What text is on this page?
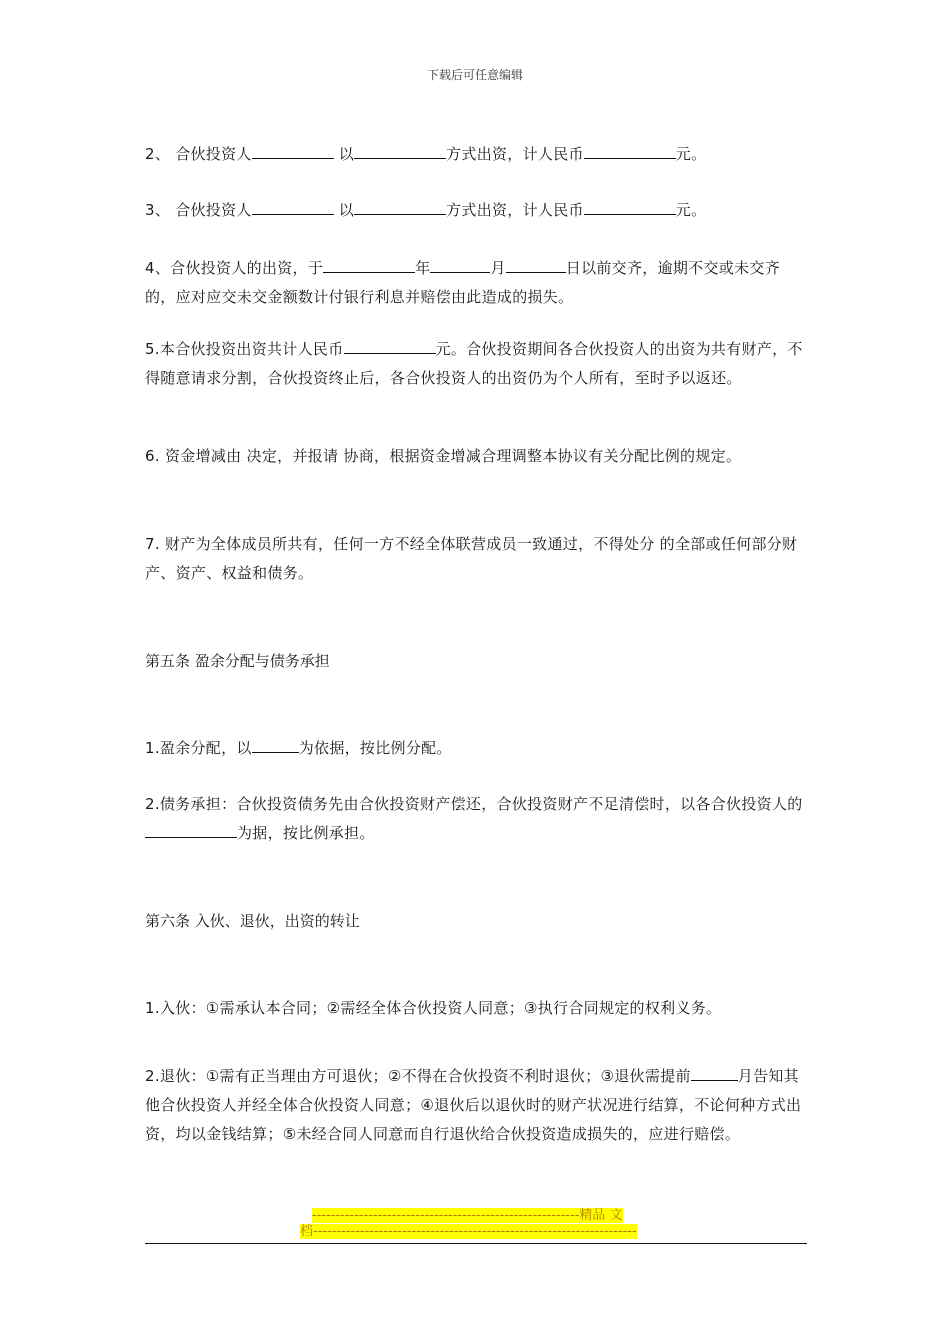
下载后可任意编辑
2、 合伙投资人	以	方式出资，计人民币	元。
3、 合伙投资人	以	方式出资，计人民币	元。
4、合伙投资人的出资，于	年	月	日以前交齐，逾期不交或未交齐的，应对应交未交金额数计付银行利息并赔偿由此造成的损失。
5.本合伙投资出资共计人民币	元。合伙投资期间各合伙投资人的出资为共有财产，不得随意请求分割，合伙投资终止后，各合伙投资人的出资仍为个人所有，至时予以返还。
6. 资金增减由 决定，并报请 协商，根据资金增减合理调整本协议有关分配比例的规定。
7. 财产为全体成员所共有，任何一方不经全体联营成员一致通过，不得处分 的全部或任何部分财产、资产、权益和债务。
第五条 盈余分配与债务承担
1.盈余分配，以	为依据，按比例分配。
2.债务承担：合伙投资债务先由合伙投资财产偿还，合伙投资财产不足清偿时，以各合伙投资人的为据，按比例承担。
第六条 入伙、退伙，出资的转让
1.入伙：①需承认本合同；②需经全体合伙投资人同意；③执行合同规定的权利义务。
2.退伙：①需有正当理由方可退伙；②不得在合伙投资不利时退伙；③退伙需提前	月告知其他合伙投资人并经全体合伙投资人同意；④退伙后以退伙时的财产状况进行结算，不论何种方式出资，均以金钱结算；⑤未经合同人同意而自行退伙给合伙投资造成损失的，应进行赔偿。
---------------------------------------------------------精品 文
档---------------------------------------------------------------------
